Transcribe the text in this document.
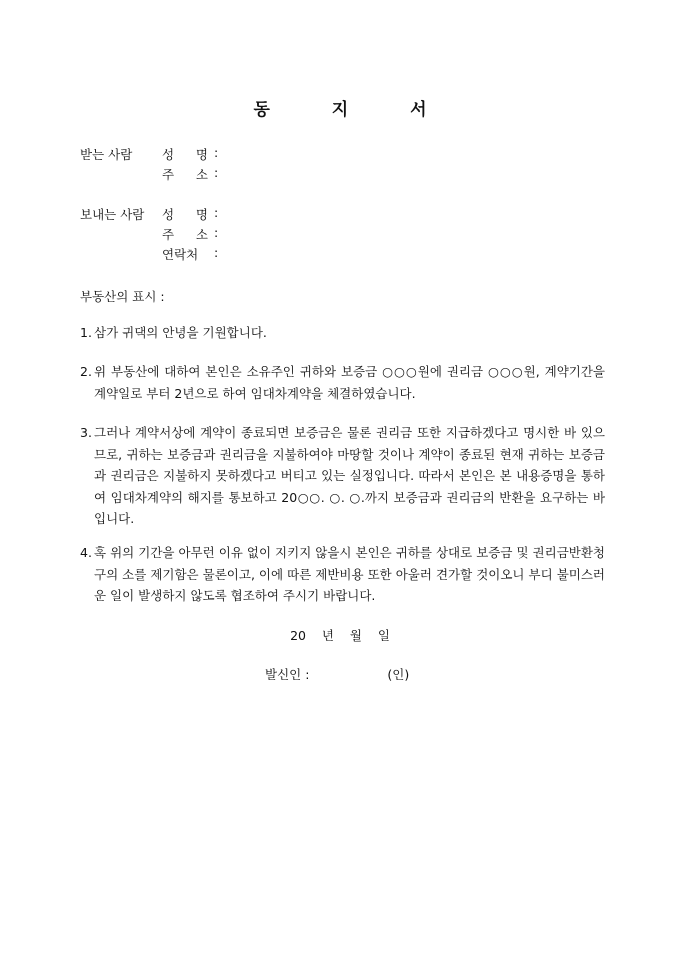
동 지 서
받는 사람 성 명 :
주 소 :
보내는 사람 성 명 :
주 소 :
연락처	:
부동산의 표시 :
1. 삼가 귀댁의 안녕을 기원합니다.
2. 위 부동산에 대하여 본인은 소유주인 귀하와 보증금 ○○○원에 권리금 ○○○원, 계약기간을 계약일로 부터 2년으로 하여 임대차계약을 체결하였습니다.
3. 그러나 계약서상에 계약이 종료되면 보증금은 물론 권리금 또한 지급하겠다고 명시한 바 있으므로, 귀하는 보증금과 권리금을 지불하여야 마땅할 것이나 계약이 종료된 현재 귀하는 보증금과 권리금은 지불하지 못하겠다고 버티고 있는 실정입니다. 따라서 본인은 본 내용증명을 통하여 임대차계약의 해지를 통보하고 20○○. ○. ○.까지 보증금과 권리금의 반환을 요구하는 바입니다.
4. 혹 위의 기간을 아무런 이유 없이 지키지 않을시 본인은 귀하를 상대로 보증금 및 권리금반환청구의 소를 제기함은 물론이고, 이에 따른 제반비용 또한 아울러 견가할 것이오니 부디 불미스러운 일이 발생하지 않도록 협조하여 주시기 바랍니다.
20    년    월    일
발신인 :	(인)
